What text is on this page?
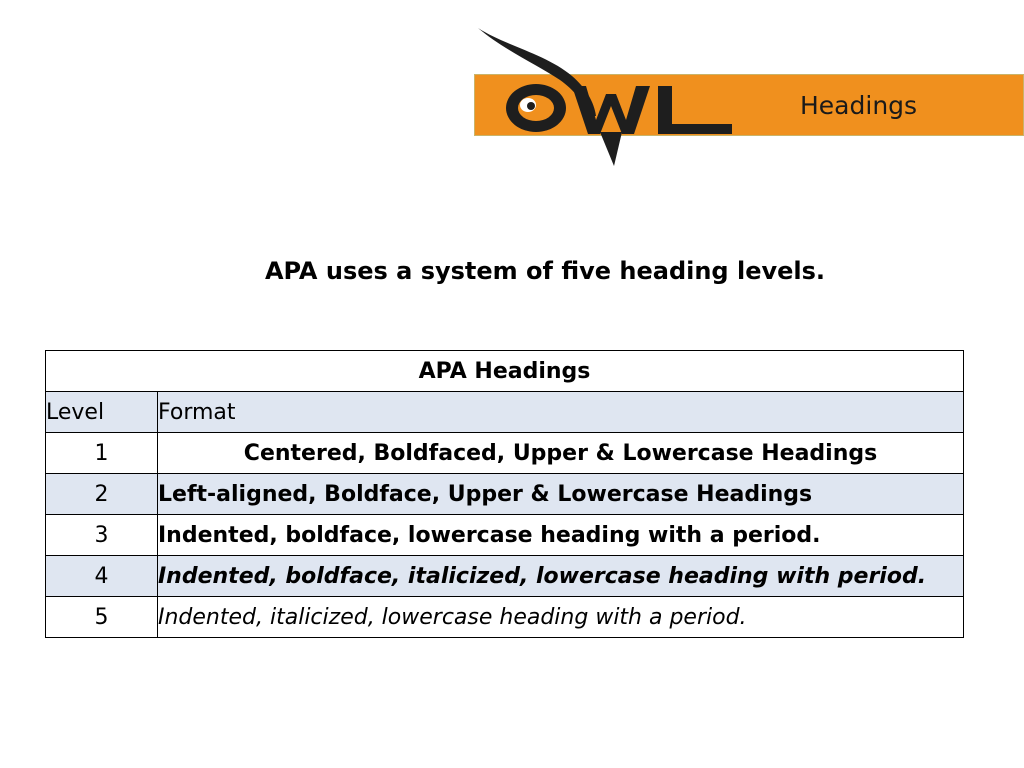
Headings
APA uses a system of five heading levels.
APA Headings	
Level	Format
1	Centered, Boldfaced, Upper & Lowercase Headings
2	Left-aligned, Boldface, Upper & Lowercase Headings
3	Indented, boldface, lowercase heading with a period.
4	Indented, boldface, italicized, lowercase heading with period.
5	Indented, italicized, lowercase heading with a period.
